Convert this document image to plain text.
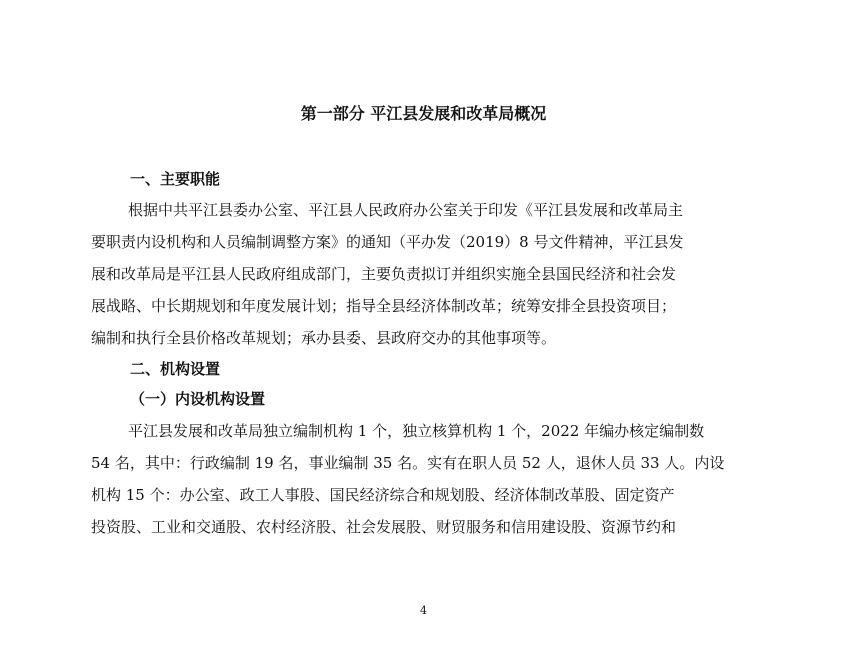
第一部分 平江县发展和改革局概况
一、主要职能
根据中共平江县委办公室、平江县人民政府办公室关于印发《平江县发展和改革局主
要职责内设机构和人员编制调整方案》的通知（平办发（2019）8 号文件精神，平江县发
展和改革局是平江县人民政府组成部门，主要负责拟订并组织实施全县国民经济和社会发
展战略、中长期规划和年度发展计划；指导全县经济体制改革；统筹安排全县投资项目；
编制和执行全县价格改革规划；承办县委、县政府交办的其他事项等。
二、机构设置
（一）内设机构设置
平江县发展和改革局独立编制机构 1 个，独立核算机构 1 个，2022 年编办核定编制数
54 名，其中：行政编制 19 名，事业编制 35 名。实有在职人员 52 人，退休人员 33 人。内设
机构 15 个：办公室、政工人事股、国民经济综合和规划股、经济体制改革股、固定资产
投资股、工业和交通股、农村经济股、社会发展股、财贸服务和信用建设股、资源节约和
4
